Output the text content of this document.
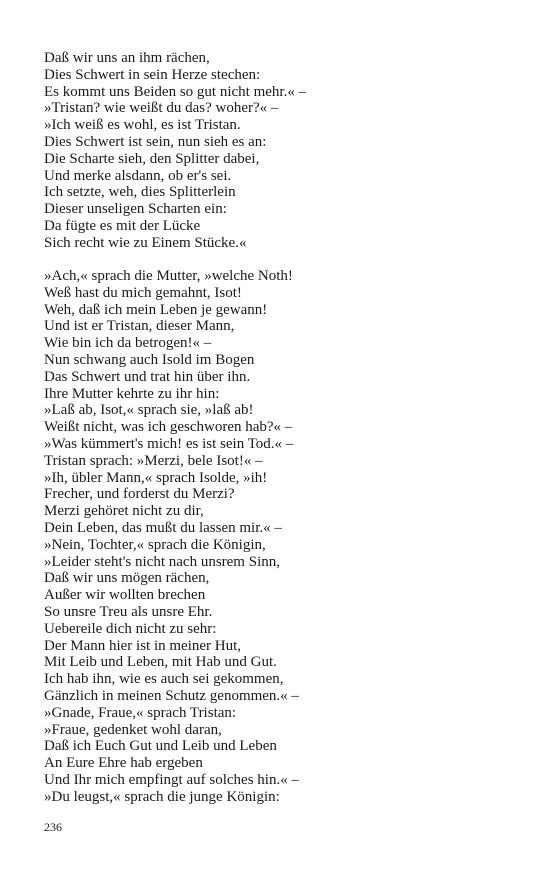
Daß wir uns an ihm rächen,
Dies Schwert in sein Herze stechen:
Es kommt uns Beiden so gut nicht mehr.« –
»Tristan? wie weißt du das? woher?« –
»Ich weiß es wohl, es ist Tristan.
Dies Schwert ist sein, nun sieh es an:
Die Scharte sieh, den Splitter dabei,
Und merke alsdann, ob er's sei.
Ich setzte, weh, dies Splitterlein
Dieser unseligen Scharten ein:
Da fügte es mit der Lücke
Sich recht wie zu Einem Stücke.«
»Ach,« sprach die Mutter, »welche Noth!
Weß hast du mich gemahnt, Isot!
Weh, daß ich mein Leben je gewann!
Und ist er Tristan, dieser Mann,
Wie bin ich da betrogen!« –
Nun schwang auch Isold im Bogen
Das Schwert und trat hin über ihn.
Ihre Mutter kehrte zu ihr hin:
»Laß ab, Isot,« sprach sie, »laß ab!
Weißt nicht, was ich geschworen hab?« –
»Was kümmert's mich! es ist sein Tod.« –
Tristan sprach: »Merzi, bele Isot!« –
»Ih, übler Mann,« sprach Isolde, »ih!
Frecher, und forderst du Merzi?
Merzi gehöret nicht zu dir,
Dein Leben, das mußt du lassen mir.« –
»Nein, Tochter,« sprach die Königin,
»Leider steht's nicht nach unsrem Sinn,
Daß wir uns mögen rächen,
Außer wir wollten brechen
So unsre Treu als unsre Ehr.
Uebereile dich nicht zu sehr:
Der Mann hier ist in meiner Hut,
Mit Leib und Leben, mit Hab und Gut.
Ich hab ihn, wie es auch sei gekommen,
Gänzlich in meinen Schutz genommen.« –
»Gnade, Fraue,« sprach Tristan:
»Fraue, gedenket wohl daran,
Daß ich Euch Gut und Leib und Leben
An Eure Ehre hab ergeben
Und Ihr mich empfingt auf solches hin.« –
»Du leugst,« sprach die junge Königin:
236
